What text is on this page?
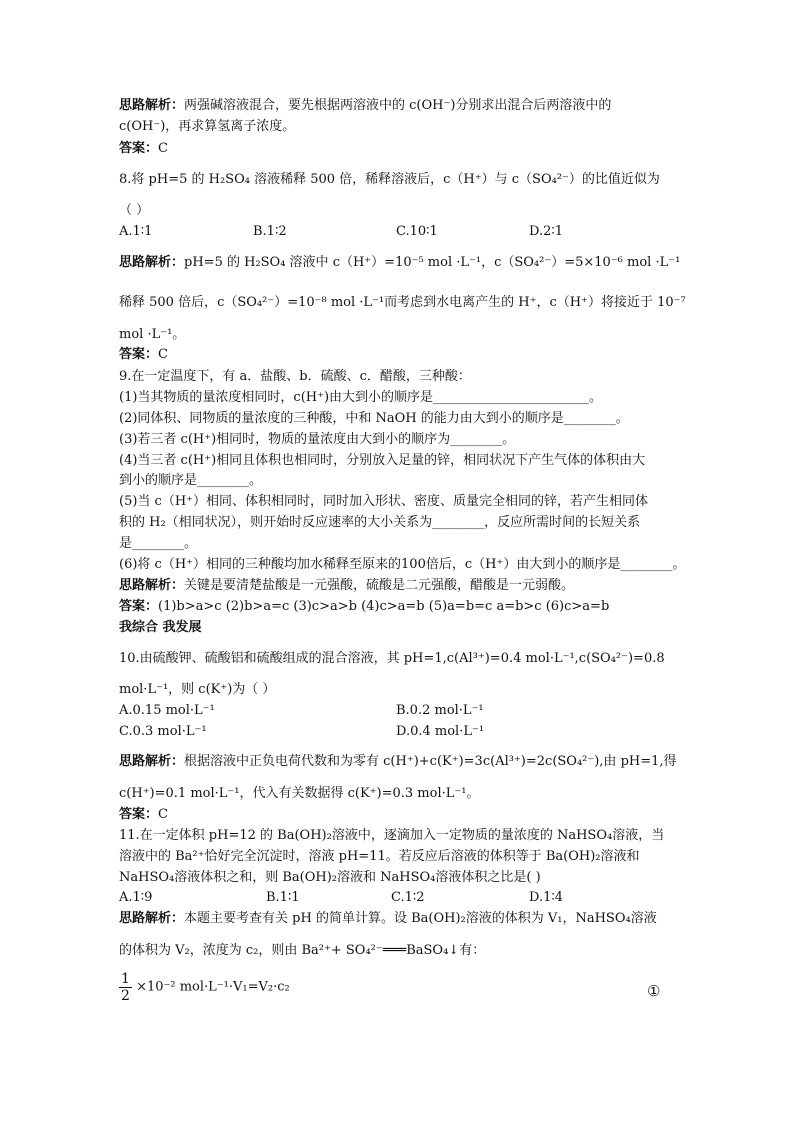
思路解析：两强碱溶液混合，要先根据两溶液中的 c(OH⁻)分别求出混合后两溶液中的
c(OH⁻)，再求算氢离子浓度。
答案：C
8.将 pH=5 的 H₂SO₄ 溶液稀释 500 倍，稀释溶液后，c（H⁺）与 c（SO₄²⁻）的比值近似为
（ ）
A.1∶1	B.1∶2	C.10∶1	D.2∶1
思路解析：pH=5 的 H₂SO₄ 溶液中 c（H⁺）=10⁻⁵ mol ·L⁻¹，c（SO₄²⁻）=5×10⁻⁶ mol ·L⁻¹
稀释 500 倍后，c（SO₄²⁻）=10⁻⁸ mol ·L⁻¹而考虑到水电离产生的 H⁺，c（H⁺）将接近于 10⁻⁷
mol ·L⁻¹。
答案：C
9.在一定温度下，有 a．盐酸、b．硫酸、c．醋酸，三种酸：
(1)当其物质的量浓度相同时，c(H⁺)由大到小的顺序是________________________。
(2)同体积、同物质的量浓度的三种酸，中和 NaOH 的能力由大到小的顺序是________。
(3)若三者 c(H⁺)相同时，物质的量浓度由大到小的顺序为________。
(4)当三者 c(H⁺)相同且体积也相同时，分别放入足量的锌，相同状况下产生气体的体积由大
到小的顺序是________。
(5)当 c（H⁺）相同、体积相同时，同时加入形状、密度、质量完全相同的锌，若产生相同体
积的 H₂（相同状况），则开始时反应速率的大小关系为________，反应所需时间的长短关系
是________。
(6)将 c（H⁺）相同的三种酸均加水稀释至原来的100倍后，c（H⁺）由大到小的顺序是________。
思路解析：关键是要清楚盐酸是一元强酸，硫酸是二元强酸，醋酸是一元弱酸。
答案：(1)b>a>c (2)b>a=c (3)c>a>b (4)c>a=b (5)a=b=c a=b>c (6)c>a=b
我综合 我发展
10.由硫酸钾、硫酸铝和硫酸组成的混合溶液，其 pH=1,c(Al³⁺)=0.4 mol·L⁻¹,c(SO₄²⁻)=0.8
mol·L⁻¹，则 c(K⁺)为（ ）
A.0.15 mol·L⁻¹	B.0.2 mol·L⁻¹
C.0.3 mol·L⁻¹	D.0.4 mol·L⁻¹
思路解析：根据溶液中正负电荷代数和为零有 c(H⁺)+c(K⁺)=3c(Al³⁺)=2c(SO₄²⁻),由 pH=1,得
c(H⁺)=0.1 mol·L⁻¹，代入有关数据得 c(K⁺)=0.3 mol·L⁻¹。
答案：C
11.在一定体积 pH=12 的 Ba(OH)₂溶液中，逐滴加入一定物质的量浓度的 NaHSO₄溶液，当
溶液中的 Ba²⁺恰好完全沉淀时，溶液 pH=11。若反应后溶液的体积等于 Ba(OH)₂溶液和
NaHSO₄溶液体积之和，则 Ba(OH)₂溶液和 NaHSO₄溶液体积之比是( )
A.1∶9	B.1∶1	C.1∶2	D.1∶4
思路解析：本题主要考查有关 pH 的简单计算。设 Ba(OH)₂溶液的体积为 V₁，NaHSO₄溶液
的体积为 V₂，浓度为 c₂，则由 Ba²⁺+ SO₄²⁻═══BaSO₄↓有：
$\frac{1}{2} \times 10^{-2}$ mol·L⁻¹·V₁=V₂·c₂	①
